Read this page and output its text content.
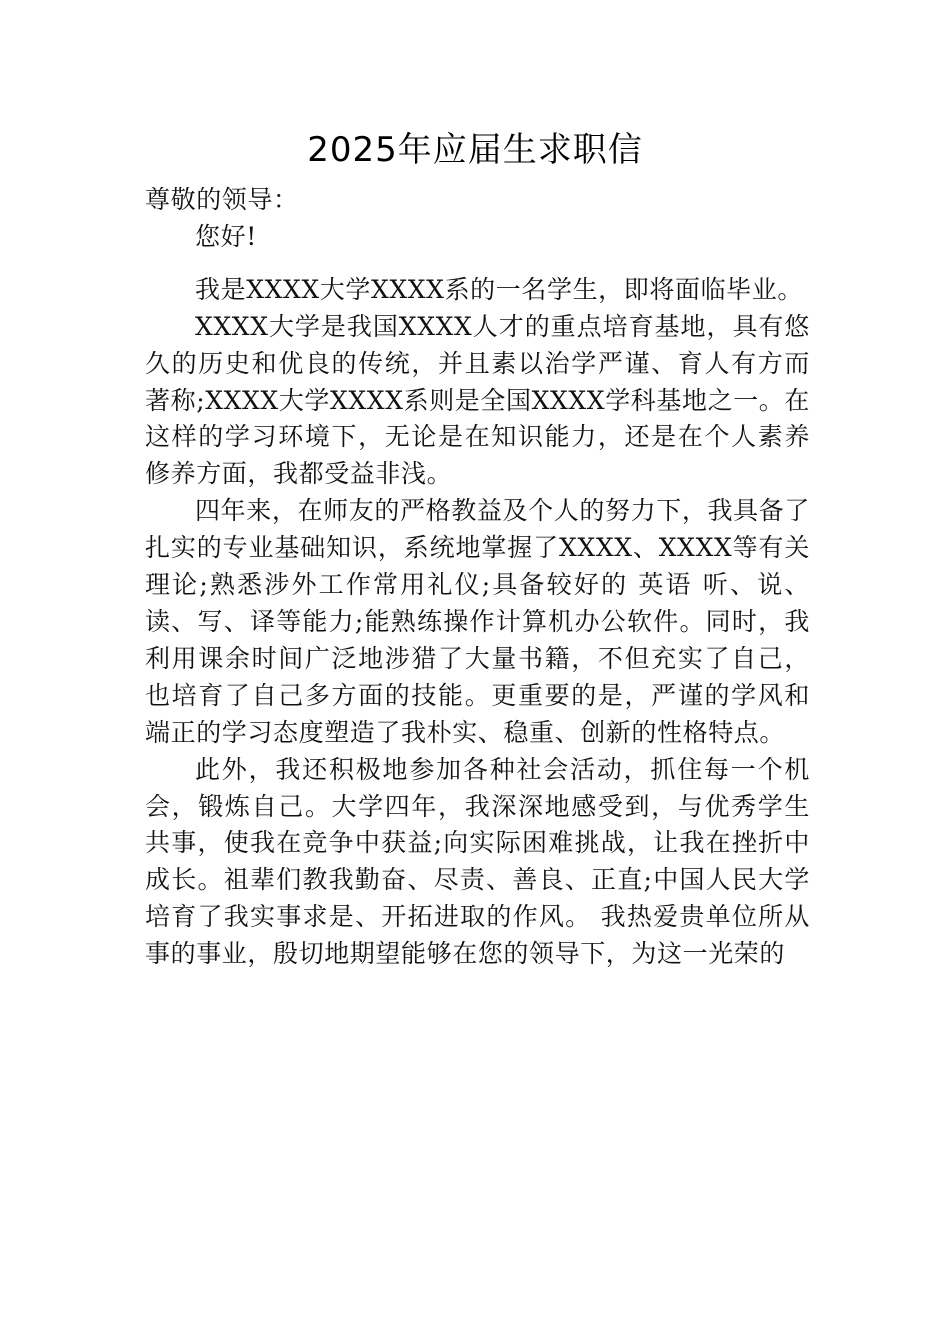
2025年应届生求职信

尊敬的领导：

您好!

我是XXXX大学XXXX系的一名学生，即将面临毕业。

XXXX大学是我国XXXX人才的重点培育基地，具有悠久的历史和优良的传统，并且素以治学严谨、育人有方而著称;XXXX大学XXXX系则是全国XXXX学科基地之一。在这样的学习环境下，无论是在知识能力，还是在个人素养修养方面，我都受益非浅。

四年来，在师友的严格教益及个人的努力下，我具备了扎实的专业基础知识，系统地掌握了XXXX、XXXX等有关理论;熟悉涉外工作常用礼仪;具备较好的 英语 听、说、读、写、译等能力;能熟练操作计算机办公软件。同时，我利用课余时间广泛地涉猎了大量书籍，不但充实了自己，也培育了自己多方面的技能。更重要的是，严谨的学风和端正的学习态度塑造了我朴实、稳重、创新的性格特点。

此外，我还积极地参加各种社会活动，抓住每一个机会，锻炼自己。大学四年，我深深地感受到，与优秀学生共事，使我在竞争中获益;向实际困难挑战，让我在挫折中成长。祖辈们教我勤奋、尽责、善良、正直;中国人民大学培育了我实事求是、开拓进取的作风。 我热爱贵单位所从事的事业，殷切地期望能够在您的领导下，为这一光荣的
